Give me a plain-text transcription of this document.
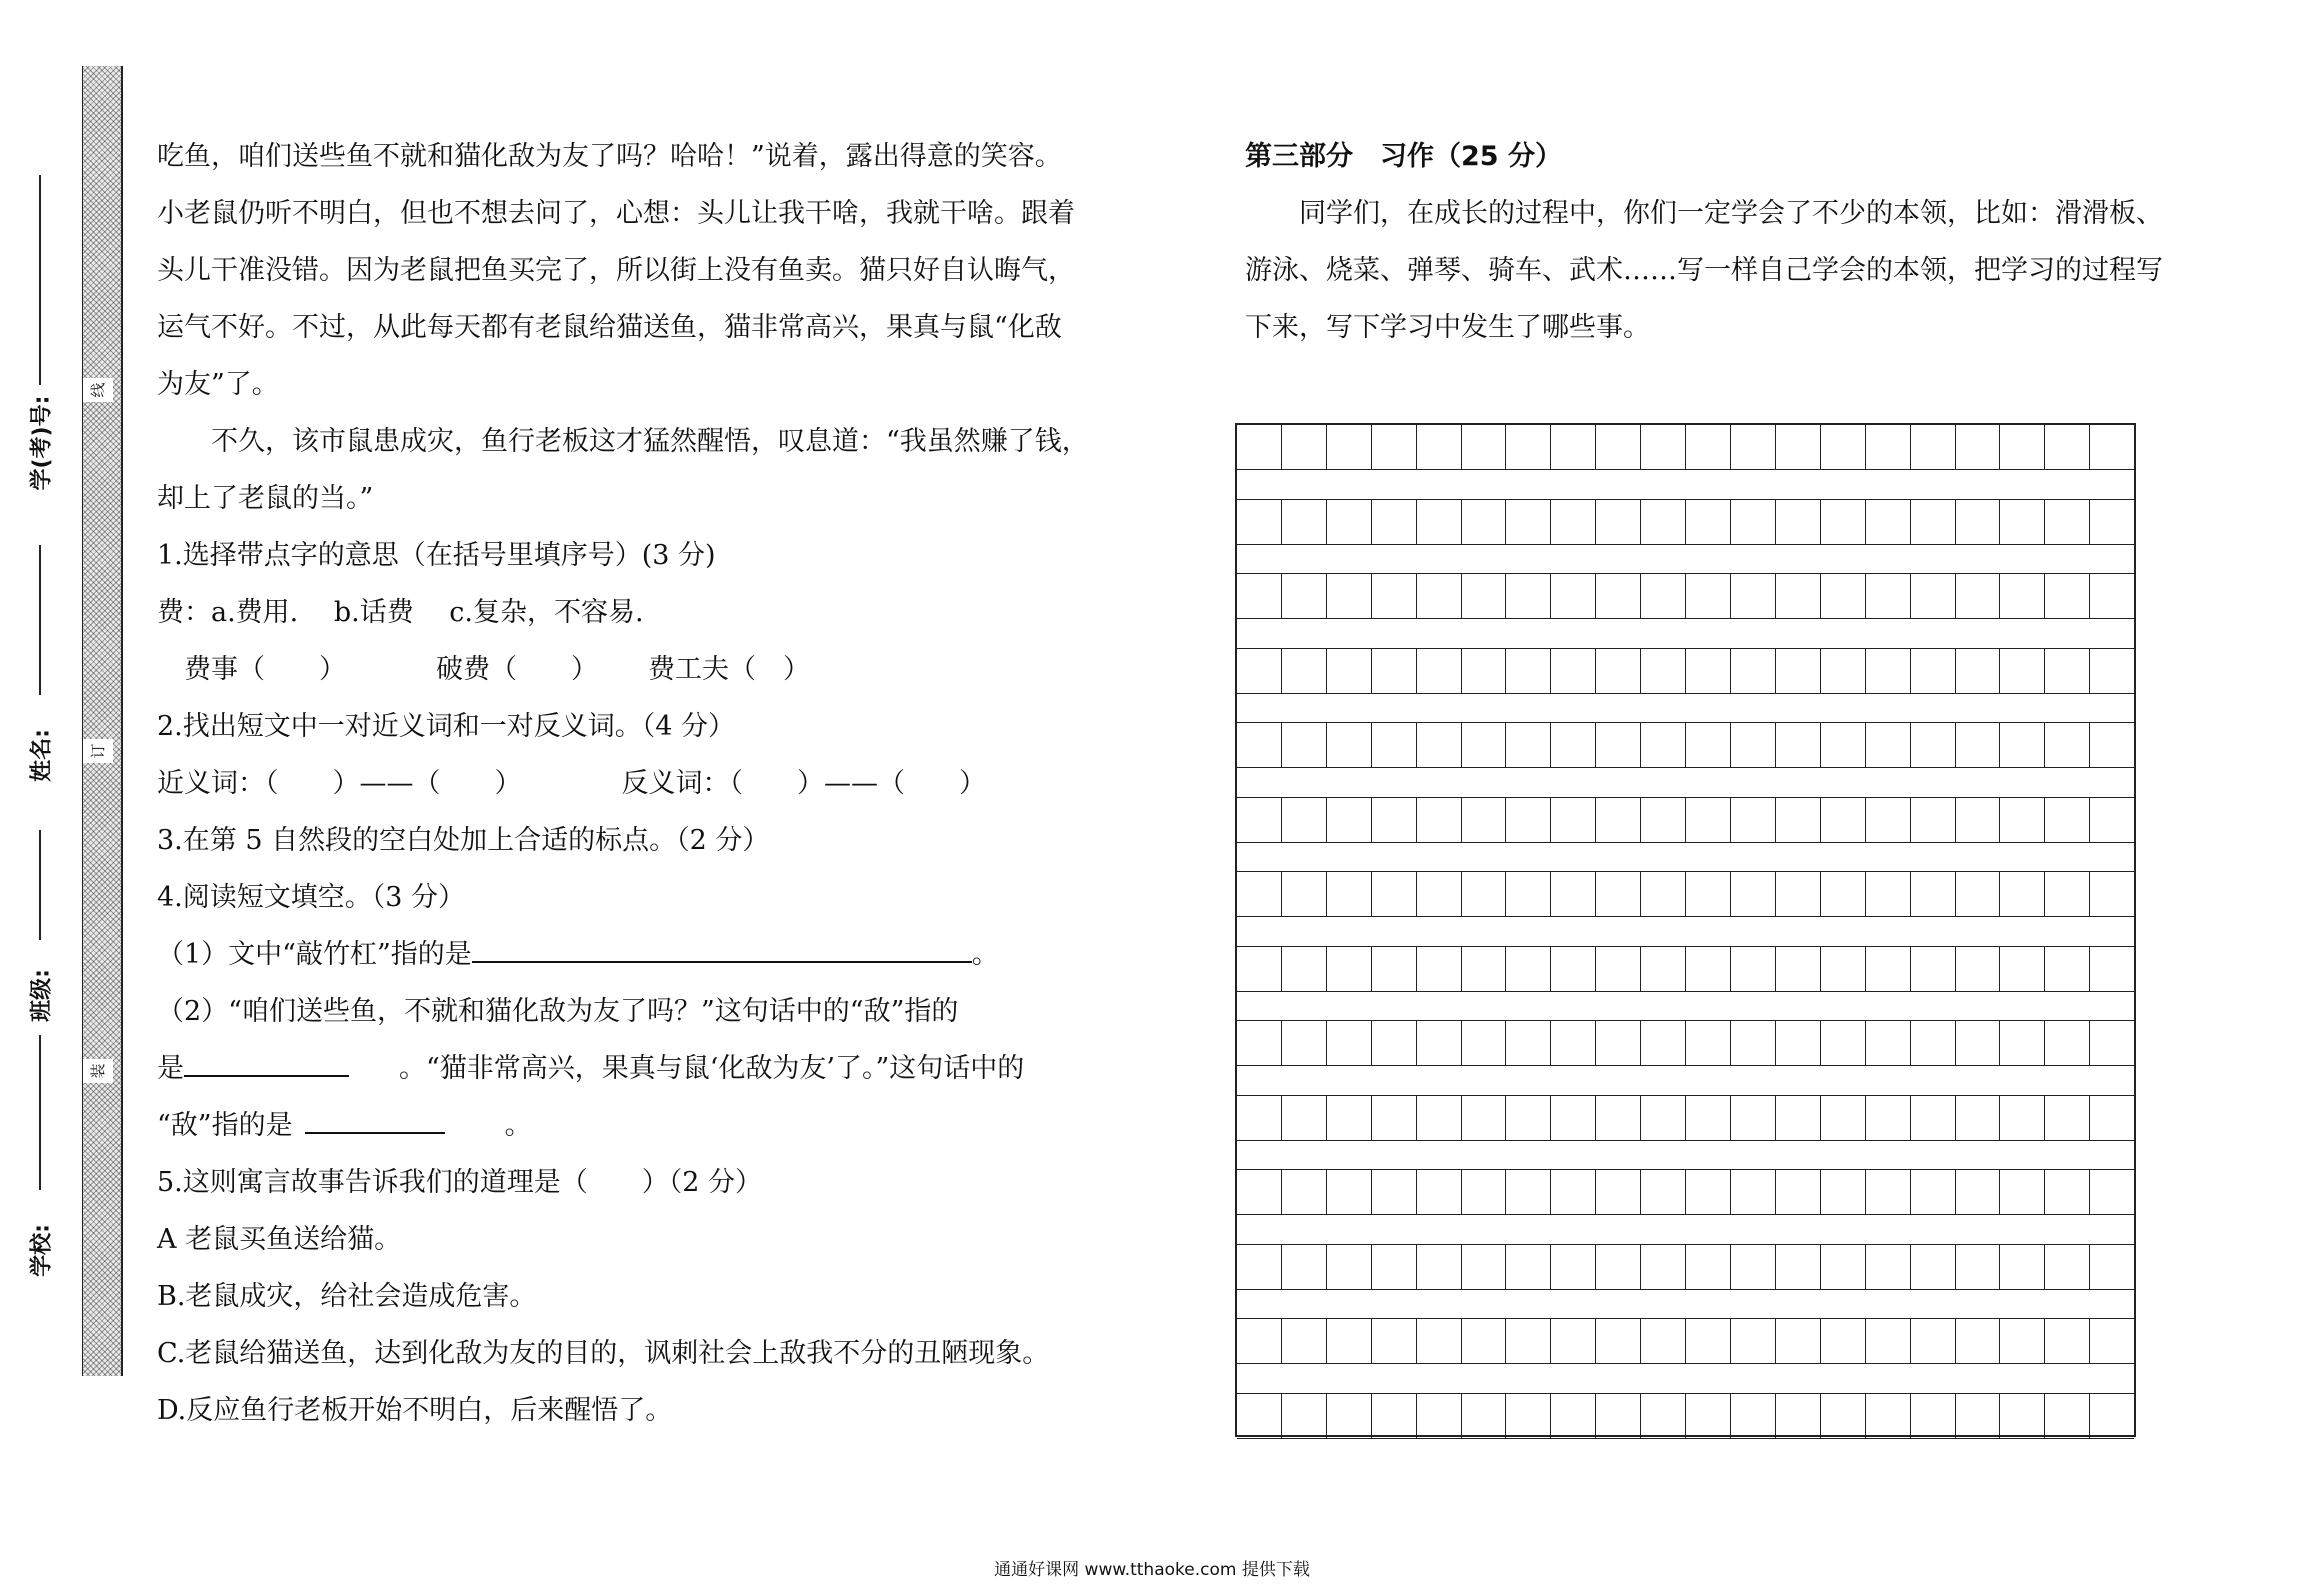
线
订
装
学(考)号:
姓名:
班级:
学校:

吃鱼，咱们送些鱼不就和猫化敌为友了吗？哈哈！”说着，露出得意的笑容。

小老鼠仍听不明白，但也不想去问了，心想：头儿让我干啥，我就干啥。跟着

头儿干准没错。因为老鼠把鱼买完了，所以街上没有鱼卖。猫只好自认晦气，

运气不好。不过，从此每天都有老鼠给猫送鱼，猫非常高兴，果真与鼠“化敌

为友”了。

不久，该市鼠患成灾，鱼行老板这才猛然醒悟，叹息道：“我虽然赚了钱，

却上了老鼠的当。”

1.选择带点字的意思（在括号里填序号）(3 分)

费：a.费用.　 b.话费　 c.复杂，不容易.

费事（　　）	破费（　　） 费工夫（　）

2.找出短文中一对近义词和一对反义词。（4 分）

近义词：（　　）——（　　）	反义词：（　　）——（　　）

3.在第 5 自然段的空白处加上合适的标点。（2 分）

4.阅读短文填空。（3 分）

（1）文中“敲竹杠”指的是	。

（2）“咱们送些鱼，不就和猫化敌为友了吗？”这句话中的“敌”指的

是	。“猫非常高兴，果真与鼠‘化敌为友’了。”这句话中的

“敌”指的是	。

5.这则寓言故事告诉我们的道理是（　　）（2 分）

A 老鼠买鱼送给猫。

B.老鼠成灾，给社会造成危害。

C.老鼠给猫送鱼，达到化敌为友的目的，讽刺社会上敌我不分的丑陋现象。

D.反应鱼行老板开始不明白，后来醒悟了。

第三部分　习作（25 分）

同学们，在成长的过程中，你们一定学会了不少的本领，比如：滑滑板、

游泳、烧菜、弹琴、骑车、武术……写一样自己学会的本领，把学习的过程写

下来，写下学习中发生了哪些事。

通通好课网 www.tthaoke.com 提供下载
